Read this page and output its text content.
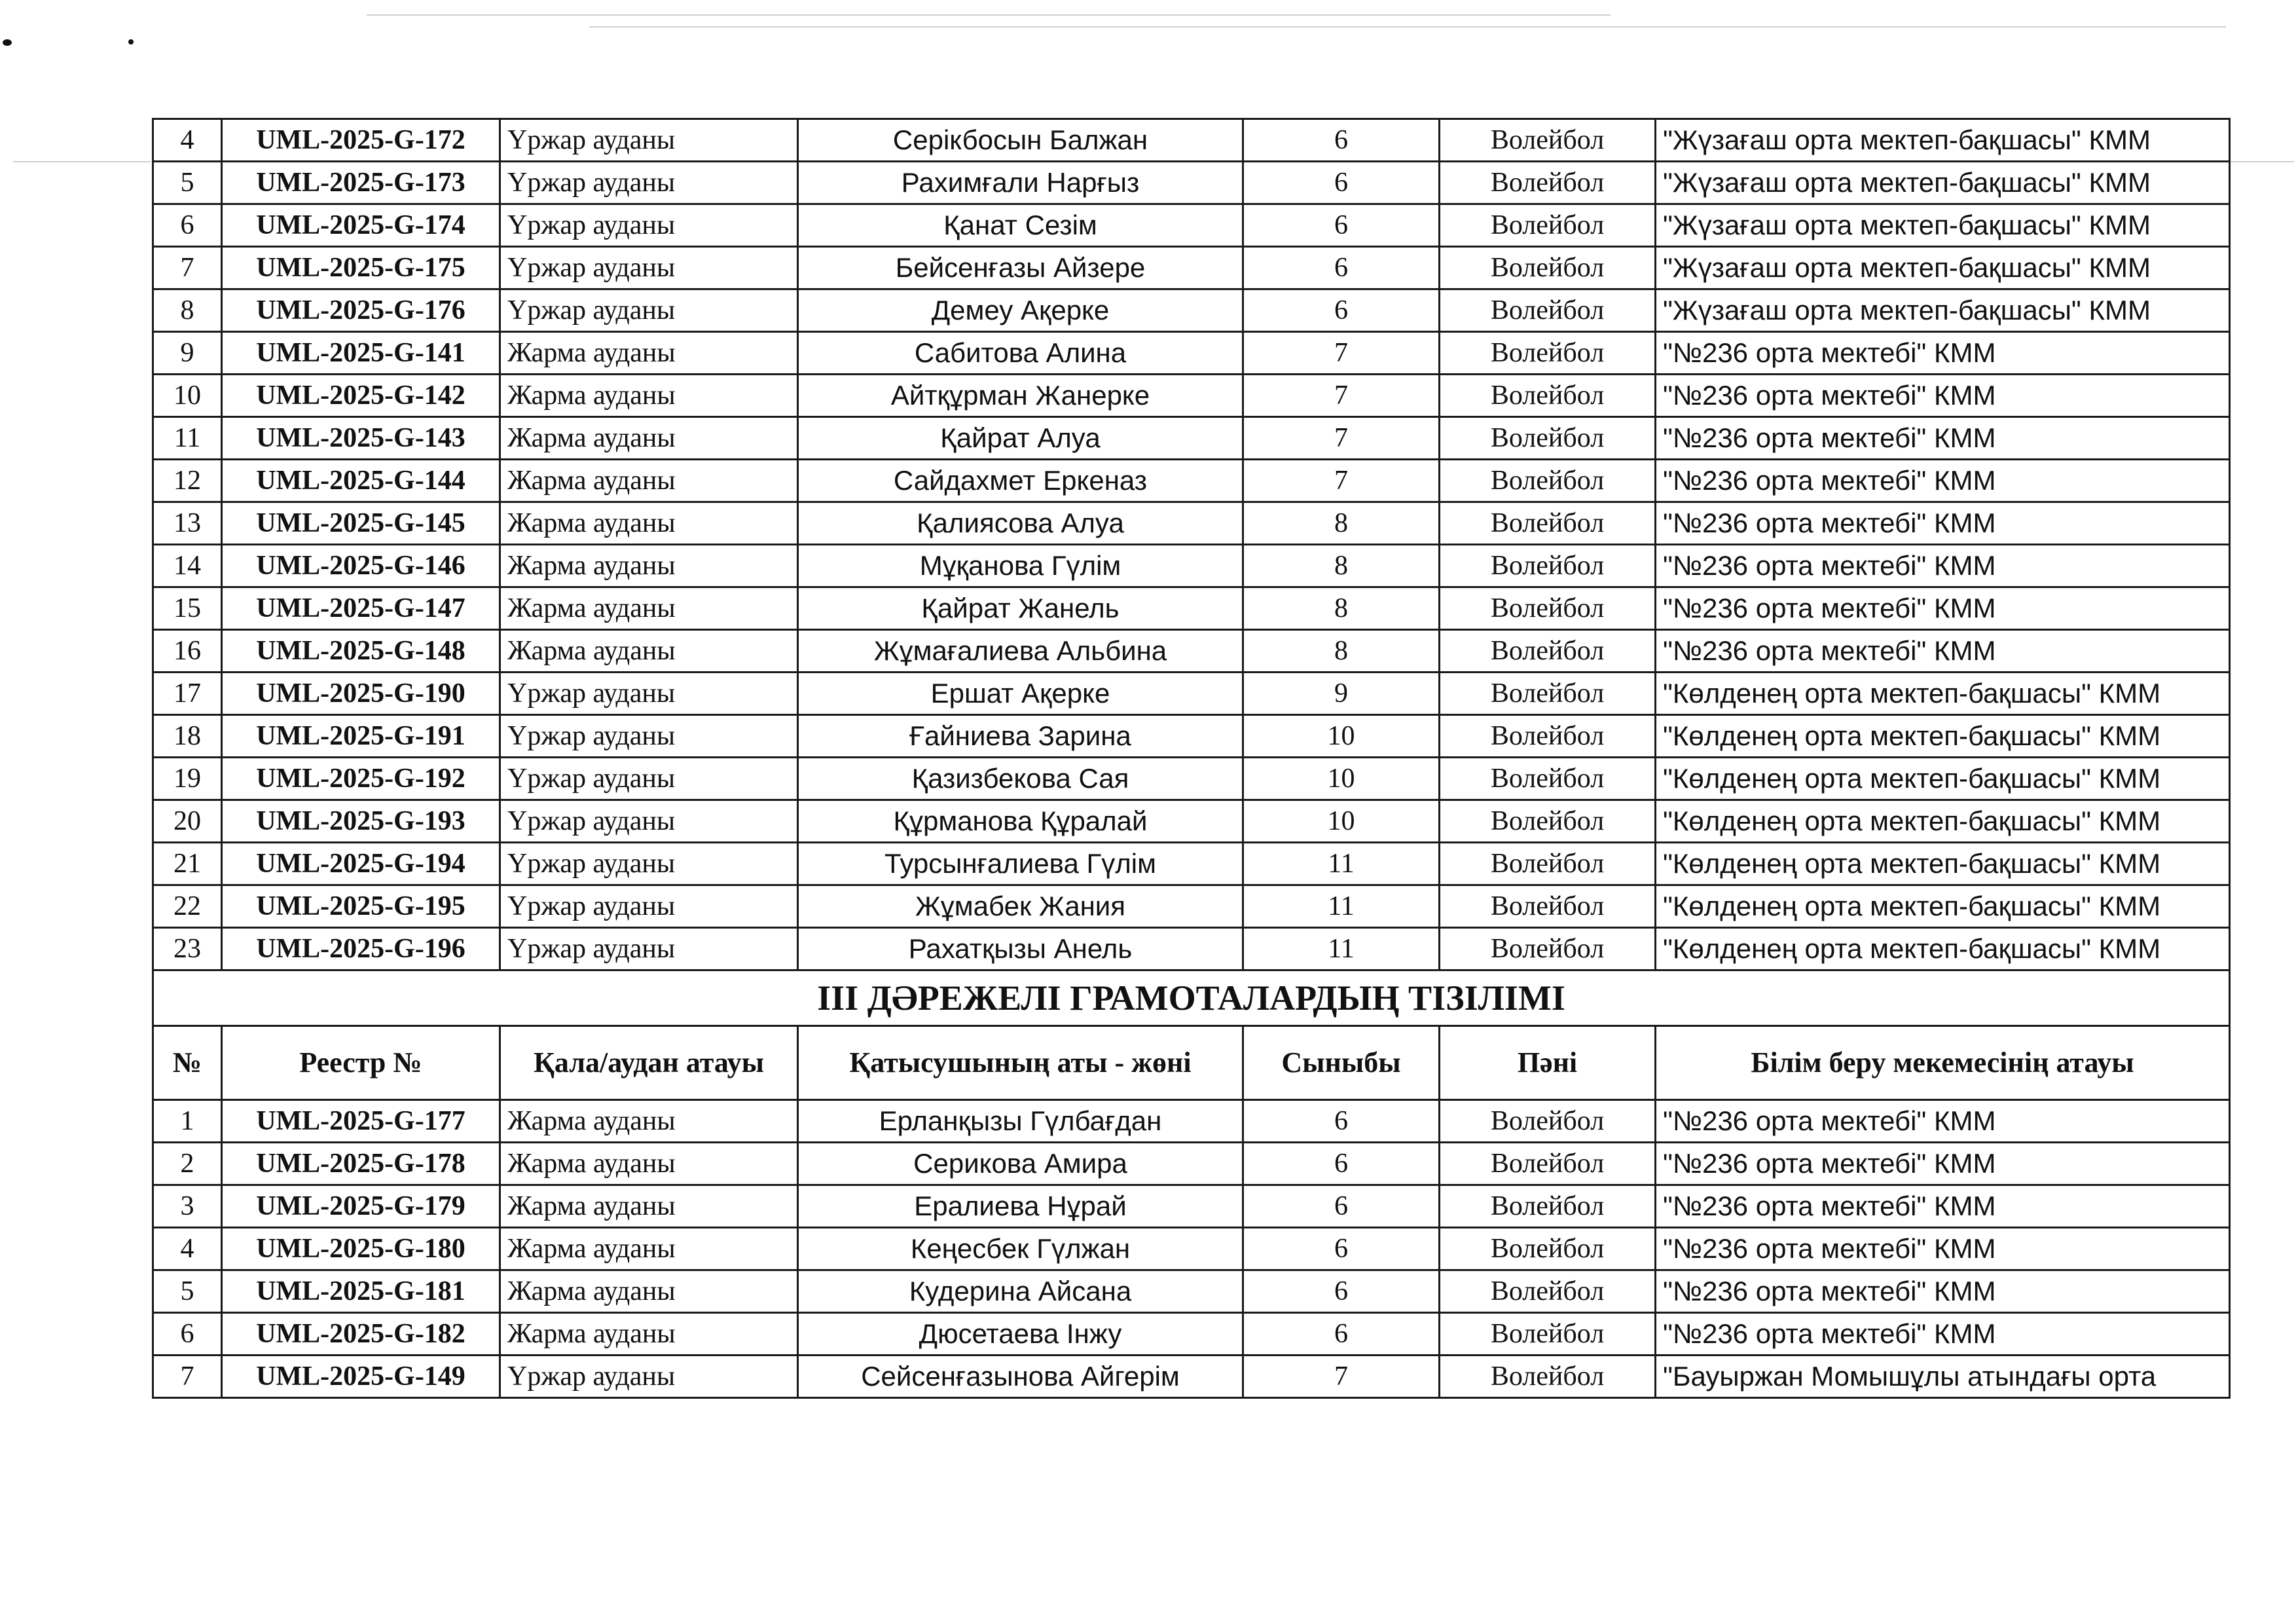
4	UML-2025-G-172	Үржар ауданы	Серікбосын Балжан	6	Волейбол	"Жүзағаш орта мектеп-бақшасы" КММ
5	UML-2025-G-173	Үржар ауданы	Рахимғали Нарғыз	6	Волейбол	"Жүзағаш орта мектеп-бақшасы" КММ
6	UML-2025-G-174	Үржар ауданы	Қанат Сезім	6	Волейбол	"Жүзағаш орта мектеп-бақшасы" КММ
7	UML-2025-G-175	Үржар ауданы	Бейсенғазы Айзере	6	Волейбол	"Жүзағаш орта мектеп-бақшасы" КММ
8	UML-2025-G-176	Үржар ауданы	Демеу Ақерке	6	Волейбол	"Жүзағаш орта мектеп-бақшасы" КММ
9	UML-2025-G-141	Жарма ауданы	Сабитова Алина	7	Волейбол	"№236 орта мектебі" КММ
10	UML-2025-G-142	Жарма ауданы	Айтқұрман Жанерке	7	Волейбол	"№236 орта мектебі" КММ
11	UML-2025-G-143	Жарма ауданы	Қайрат Алуа	7	Волейбол	"№236 орта мектебі" КММ
12	UML-2025-G-144	Жарма ауданы	Сайдахмет Еркеназ	7	Волейбол	"№236 орта мектебі" КММ
13	UML-2025-G-145	Жарма ауданы	Қалиясова Алуа	8	Волейбол	"№236 орта мектебі" КММ
14	UML-2025-G-146	Жарма ауданы	Мұқанова Гүлім	8	Волейбол	"№236 орта мектебі" КММ
15	UML-2025-G-147	Жарма ауданы	Қайрат Жанель	8	Волейбол	"№236 орта мектебі" КММ
16	UML-2025-G-148	Жарма ауданы	Жұмағалиева Альбина	8	Волейбол	"№236 орта мектебі" КММ
17	UML-2025-G-190	Үржар ауданы	Ершат Ақерке	9	Волейбол	"Көлденең орта мектеп-бақшасы" КММ
18	UML-2025-G-191	Үржар ауданы	Ғайниева Зарина	10	Волейбол	"Көлденең орта мектеп-бақшасы" КММ
19	UML-2025-G-192	Үржар ауданы	Қазизбекова Сая	10	Волейбол	"Көлденең орта мектеп-бақшасы" КММ
20	UML-2025-G-193	Үржар ауданы	Құрманова Құралай	10	Волейбол	"Көлденең орта мектеп-бақшасы" КММ
21	UML-2025-G-194	Үржар ауданы	Турсынғалиева Гүлім	11	Волейбол	"Көлденең орта мектеп-бақшасы" КММ
22	UML-2025-G-195	Үржар ауданы	Жұмабек Жания	11	Волейбол	"Көлденең орта мектеп-бақшасы" КММ
23	UML-2025-G-196	Үржар ауданы	Рахатқызы Анель	11	Волейбол	"Көлденең орта мектеп-бақшасы" КММ
III ДӘРЕЖЕЛІ ГРАМОТАЛАРДЫҢ ТІЗІЛІМІ						
№	Реестр №	Қала/аудан атауы	Қатысушының аты - жөні	Сыныбы	Пәні	Білім беру мекемесінің атауы
1	UML-2025-G-177	Жарма ауданы	Ерланқызы Гүлбағдан	6	Волейбол	"№236 орта мектебі" КММ
2	UML-2025-G-178	Жарма ауданы	Серикова Амира	6	Волейбол	"№236 орта мектебі" КММ
3	UML-2025-G-179	Жарма ауданы	Ералиева Нұрай	6	Волейбол	"№236 орта мектебі" КММ
4	UML-2025-G-180	Жарма ауданы	Кеңесбек Гүлжан	6	Волейбол	"№236 орта мектебі" КММ
5	UML-2025-G-181	Жарма ауданы	Кудерина Айсана	6	Волейбол	"№236 орта мектебі" КММ
6	UML-2025-G-182	Жарма ауданы	Дюсетаева Інжу	6	Волейбол	"№236 орта мектебі" КММ
7	UML-2025-G-149	Үржар ауданы	Сейсенғазынова Айгерім	7	Волейбол	"Бауыржан Момышұлы атындағы орта
